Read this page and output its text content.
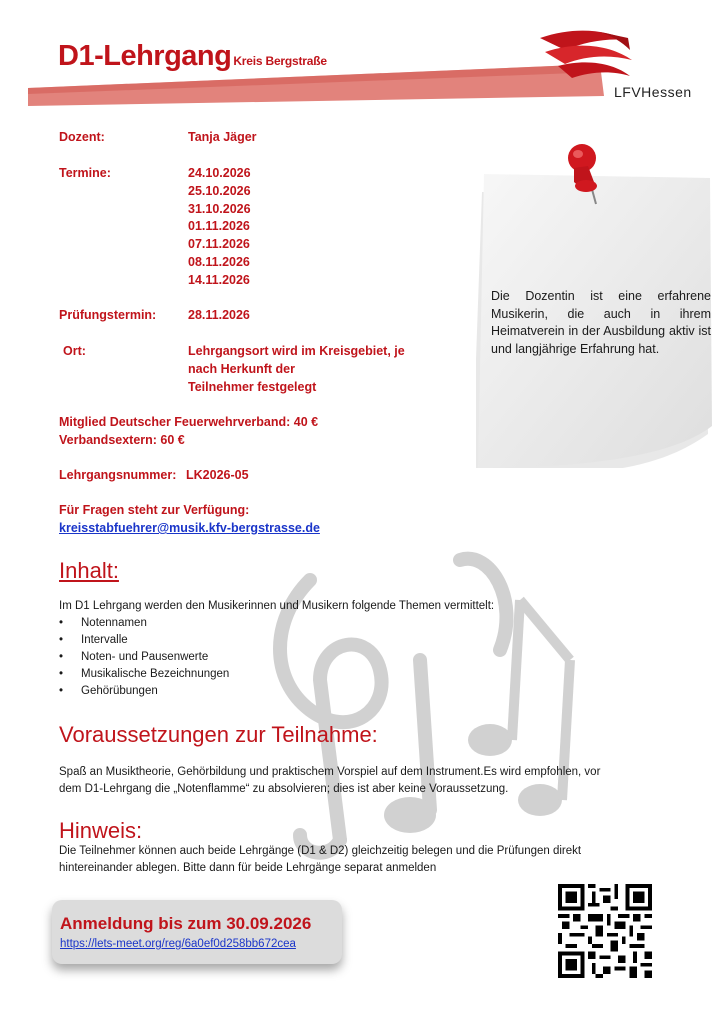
D1-Lehrgang Kreis Bergstraße
LFVHessen
Dozent:	Tanja Jäger
Termine:	24.10.2026
25.10.2026
31.10.2026
01.11.2026
07.11.2026
08.11.2026
14.11.2026
Prüfungstermin:	28.11.2026
Ort:	Lehrgangsort wird im Kreisgebiet, je
nach Herkunft der
Teilnehmer festgelegt
Mitglied Deutscher Feuerwehrverband: 40 €
Verbandsextern: 60 €
Lehrgangsnummer: LK2026-05
Für Fragen steht zur Verfügung:
kreisstabfuehrer@musik.kfv-bergstrasse.de
Die Dozentin ist eine erfahrene Musikerin, die auch in ihrem Heimatverein in der Ausbildung aktiv ist und langjährige Erfahrung hat.
Inhalt:
Im D1 Lehrgang werden den Musikerinnen und Musikern folgende Themen vermittelt:
• Notennamen
• Intervalle
• Noten- und Pausenwerte
• Musikalische Bezeichnungen
• Gehörübungen
Voraussetzungen zur Teilnahme:
Spaß an Musiktheorie, Gehörbildung und praktischem Vorspiel auf dem Instrument.Es wird empfohlen, vor
dem D1-Lehrgang die „Notenflamme“ zu absolvieren; dies ist aber keine Voraussetzung.
Hinweis:
Die Teilnehmer können auch beide Lehrgänge (D1 & D2) gleichzeitig belegen und die Prüfungen direkt
hintereinander ablegen. Bitte dann für beide Lehrgänge separat anmelden
Anmeldung bis zum 30.09.2026
https://lets-meet.org/reg/6a0ef0d258bb672cea
